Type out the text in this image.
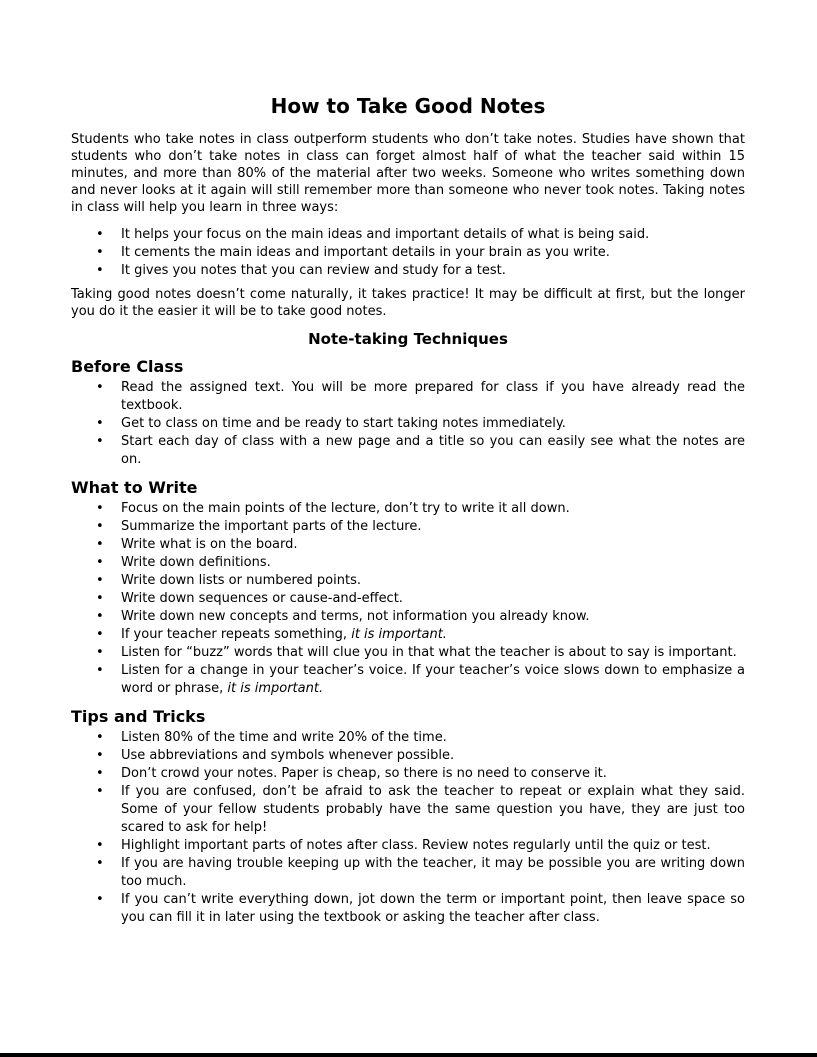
How to Take Good Notes

Students who take notes in class outperform students who don’t take notes. Studies have shown that students who don’t take notes in class can forget almost half of what the teacher said within 15 minutes, and more than 80% of the material after two weeks. Someone who writes something down and never looks at it again will still remember more than someone who never took notes. Taking notes in class will help you learn in three ways:

• It helps your focus on the main ideas and important details of what is being said.
• It cements the main ideas and important details in your brain as you write.
• It gives you notes that you can review and study for a test.

Taking good notes doesn’t come naturally, it takes practice! It may be difficult at first, but the longer you do it the easier it will be to take good notes.

Note-taking Techniques
Before Class
• Read the assigned text. You will be more prepared for class if you have already read the textbook.
• Get to class on time and be ready to start taking notes immediately.
• Start each day of class with a new page and a title so you can easily see what the notes are on.
What to Write
• Focus on the main points of the lecture, don’t try to write it all down.
• Summarize the important parts of the lecture.
• Write what is on the board.
• Write down definitions.
• Write down lists or numbered points.
• Write down sequences or cause-and-effect.
• Write down new concepts and terms, not information you already know.
• If your teacher repeats something, it is important.
• Listen for “buzz” words that will clue you in that what the teacher is about to say is important.
• Listen for a change in your teacher’s voice. If your teacher’s voice slows down to emphasize a word or phrase, it is important.
Tips and Tricks
• Listen 80% of the time and write 20% of the time.
• Use abbreviations and symbols whenever possible.
• Don’t crowd your notes. Paper is cheap, so there is no need to conserve it.
• If you are confused, don’t be afraid to ask the teacher to repeat or explain what they said. Some of your fellow students probably have the same question you have, they are just too scared to ask for help!
• Highlight important parts of notes after class. Review notes regularly until the quiz or test.
• If you are having trouble keeping up with the teacher, it may be possible you are writing down too much.
• If you can’t write everything down, jot down the term or important point, then leave space so you can fill it in later using the textbook or asking the teacher after class.
